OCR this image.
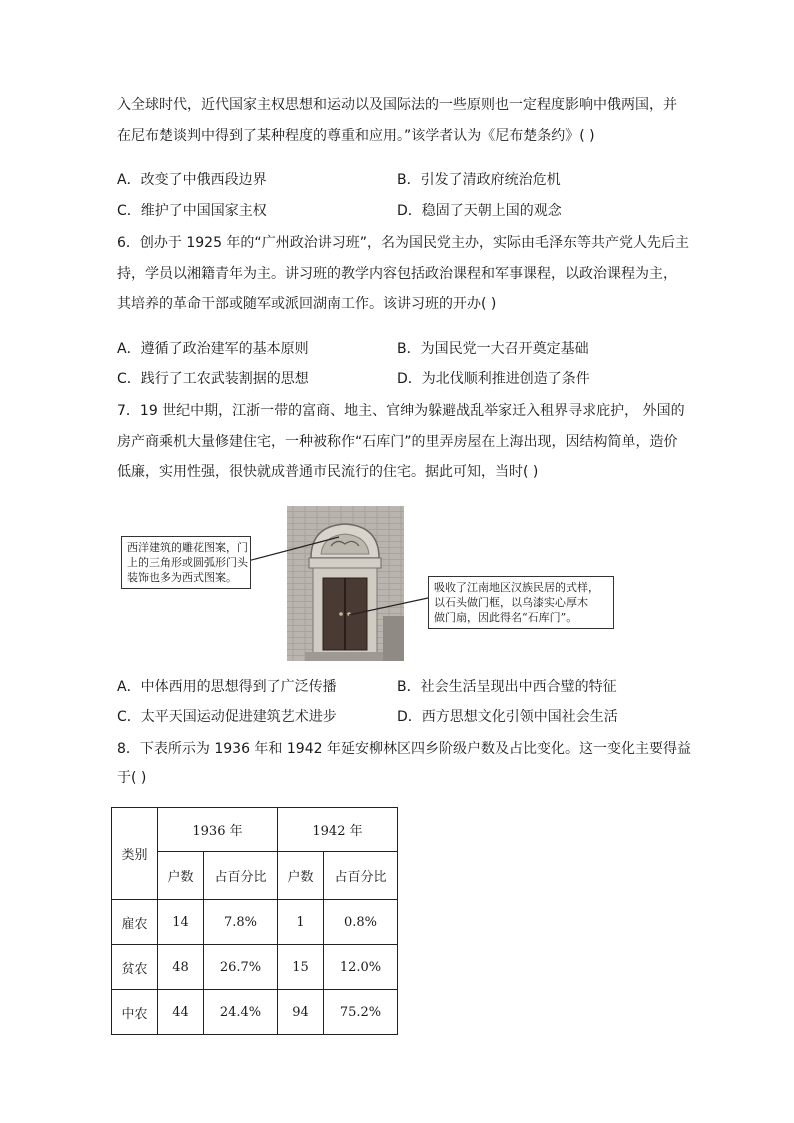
入全球时代，近代国家主权思想和运动以及国际法的一些原则也一定程度影响中俄两国，并
在尼布楚谈判中得到了某种程度的尊重和应用。”该学者认为《尼布楚条约》( )
A．改变了中俄西段边界	B．引发了清政府统治危机
C．维护了中国国家主权	D．稳固了天朝上国的观念
6．创办于 1925 年的“广州政治讲习班”，名为国民党主办，实际由毛泽东等共产党人先后主
持，学员以湘籍青年为主。讲习班的教学内容包括政治课程和军事课程，以政治课程为主，
其培养的革命干部或随军或派回湖南工作。该讲习班的开办( )
A．遵循了政治建军的基本原则	B．为国民党一大召开奠定基础
C．践行了工农武装割据的思想	D．为北伐顺利推进创造了条件
7．19 世纪中期，江浙一带的富商、地主、官绅为躲避战乱举家迁入租界寻求庇护， 外国的
房产商乘机大量修建住宅，一种被称作“石库门”的里弄房屋在上海出现，因结构简单，造价
低廉，实用性强，很快就成普通市民流行的住宅。据此可知，当时( )
西洋建筑的雕花图案，门
上的三角形或圆弧形门头
装饰也多为西式图案。
吸收了江南地区汉族民居的式样，
以石头做门框，以乌漆实心厚木
做门扇，因此得名“石库门”。
A．中体西用的思想得到了广泛传播	B．社会生活呈现出中西合璧的特征
C．太平天国运动促进建筑艺术进步	D．西方思想文化引领中国社会生活
8．下表所示为 1936 年和 1942 年延安柳林区四乡阶级户数及占比变化。这一变化主要得益
于( )
类别	1936 年		1942 年	
	户数	占百分比	户数	占百分比
雇农	14	7.8%	1	0.8%
贫农	48	26.7%	15	12.0%
中农	44	24.4%	94	75.2%
